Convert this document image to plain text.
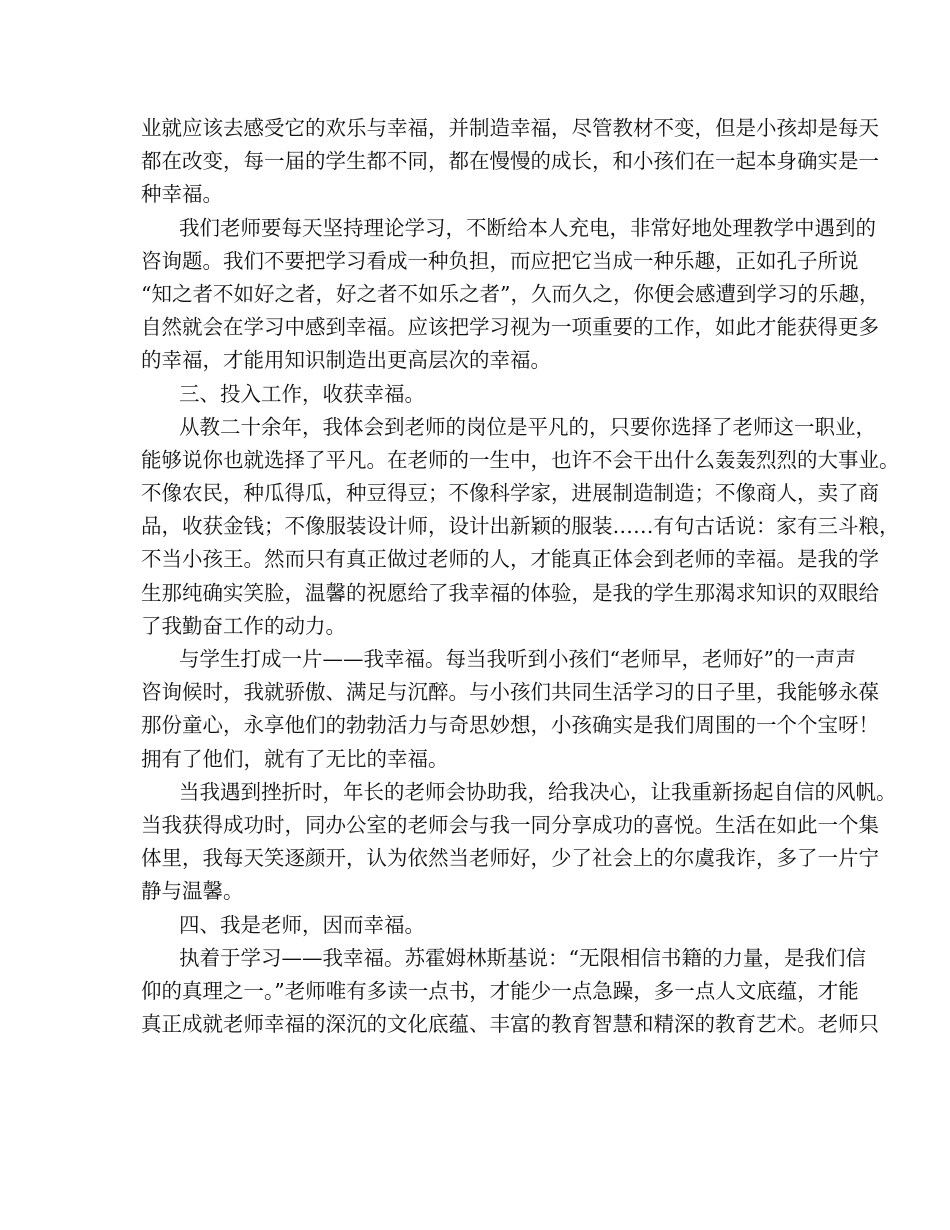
业就应该去感受它的欢乐与幸福，并制造幸福，尽管教材不变，但是小孩却是每天
都在改变，每一届的学生都不同，都在慢慢的成长，和小孩们在一起本身确实是一
种幸福。
我们老师要每天坚持理论学习，不断给本人充电，非常好地处理教学中遇到的
咨询题。我们不要把学习看成一种负担，而应把它当成一种乐趣，正如孔子所说
“知之者不如好之者，好之者不如乐之者”，久而久之，你便会感遭到学习的乐趣，
自然就会在学习中感到幸福。应该把学习视为一项重要的工作，如此才能获得更多
的幸福，才能用知识制造出更高层次的幸福。
三、投入工作，收获幸福。
从教二十余年，我体会到老师的岗位是平凡的，只要你选择了老师这一职业，
能够说你也就选择了平凡。在老师的一生中，也许不会干出什么轰轰烈烈的大事业。
不像农民，种瓜得瓜，种豆得豆；不像科学家，进展制造制造；不像商人，卖了商
品，收获金钱；不像服装设计师，设计出新颖的服装……有句古话说：家有三斗粮，
不当小孩王。然而只有真正做过老师的人，才能真正体会到老师的幸福。是我的学
生那纯确实笑脸，温馨的祝愿给了我幸福的体验，是我的学生那渴求知识的双眼给
了我勤奋工作的动力。
与学生打成一片——我幸福。每当我听到小孩们“老师早，老师好”的一声声
咨询候时，我就骄傲、满足与沉醉。与小孩们共同生活学习的日子里，我能够永葆
那份童心，永享他们的勃勃活力与奇思妙想，小孩确实是我们周围的一个个宝呀！
拥有了他们，就有了无比的幸福。
当我遇到挫折时，年长的老师会协助我，给我决心，让我重新扬起自信的风帆。
当我获得成功时，同办公室的老师会与我一同分享成功的喜悦。生活在如此一个集
体里，我每天笑逐颜开，认为依然当老师好，少了社会上的尔虞我诈，多了一片宁
静与温馨。
四、我是老师，因而幸福。
执着于学习——我幸福。苏霍姆林斯基说：“无限相信书籍的力量，是我们信
仰的真理之一。”老师唯有多读一点书，才能少一点急躁，多一点人文底蕴，才能
真正成就老师幸福的深沉的文化底蕴、丰富的教育智慧和精深的教育艺术。老师只
